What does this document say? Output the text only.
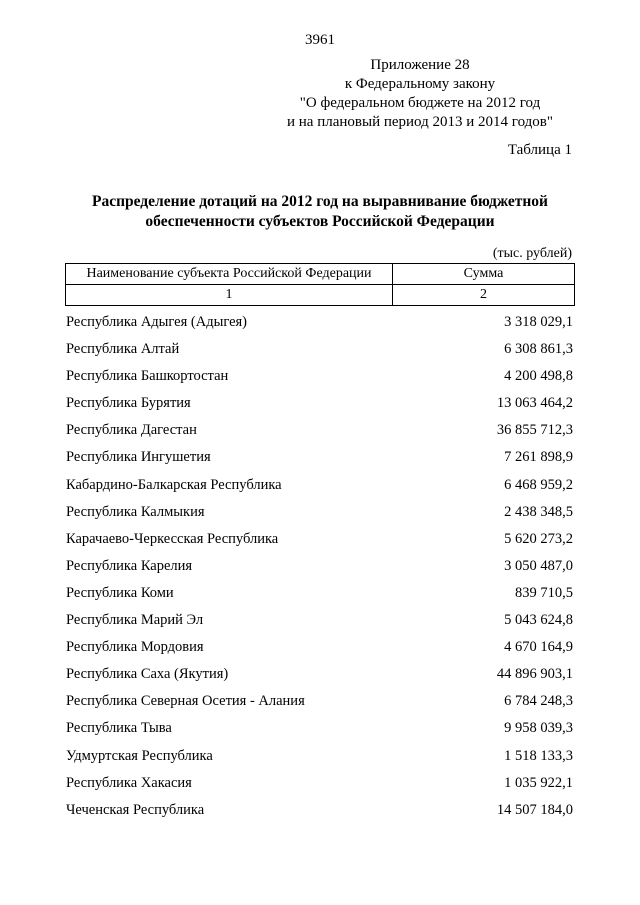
3961
Приложение 28
к Федеральному закону
"О федеральном бюджете на 2012 год
и на плановый период 2013 и 2014 годов"
Таблица 1
Распределение дотаций на 2012 год на выравнивание бюджетной
обеспеченности субъектов Российской Федерации
(тыс. рублей)
Наименование субъекта Российской Федерации	Сумма
1	2
Республика Адыгея (Адыгея)	3 318 029,1
Республика Алтай	6 308 861,3
Республика Башкортостан	4 200 498,8
Республика Бурятия	13 063 464,2
Республика Дагестан	36 855 712,3
Республика Ингушетия	7 261 898,9
Кабардино-Балкарская Республика	6 468 959,2
Республика Калмыкия	2 438 348,5
Карачаево-Черкесская Республика	5 620 273,2
Республика Карелия	3 050 487,0
Республика Коми	839 710,5
Республика Марий Эл	5 043 624,8
Республика Мордовия	4 670 164,9
Республика Саха (Якутия)	44 896 903,1
Республика Северная Осетия - Алания	6 784 248,3
Республика Тыва	9 958 039,3
Удмуртская Республика	1 518 133,3
Республика Хакасия	1 035 922,1
Чеченская Республика	14 507 184,0
